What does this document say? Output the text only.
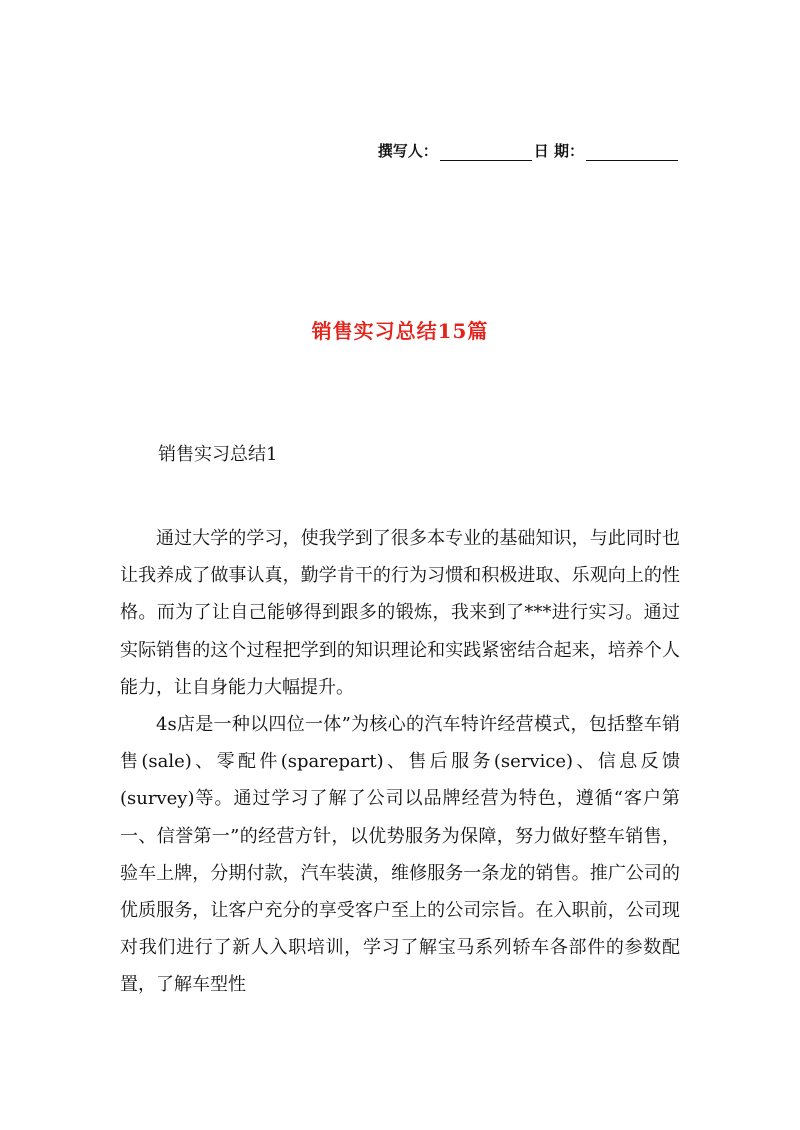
撰写人：	日 期：
销售实习总结15篇
销售实习总结1

通过大学的学习，使我学到了很多本专业的基础知识，与此同时也让我养成了做事认真，勤学肯干的行为习惯和积极进取、乐观向上的性格。而为了让自己能够得到跟多的锻炼，我来到了***进行实习。通过实际销售的这个过程把学到的知识理论和实践紧密结合起来，培养个人能力，让自身能力大幅提升。

4s店是一种以四位一体”为核心的汽车特许经营模式，包括整车销售(sale)、零配件(sparepart)、售后服务(service)、信息反馈(survey)等。通过学习了解了公司以品牌经营为特色，遵循“客户第一、信誉第一”的经营方针，以优势服务为保障，努力做好整车销售，验车上牌，分期付款，汽车装潢，维修服务一条龙的销售。推广公司的优质服务，让客户充分的享受客户至上的公司宗旨。在入职前，公司现对我们进行了新人入职培训，学习了解宝马系列轿车各部件的参数配置，了解车型性
